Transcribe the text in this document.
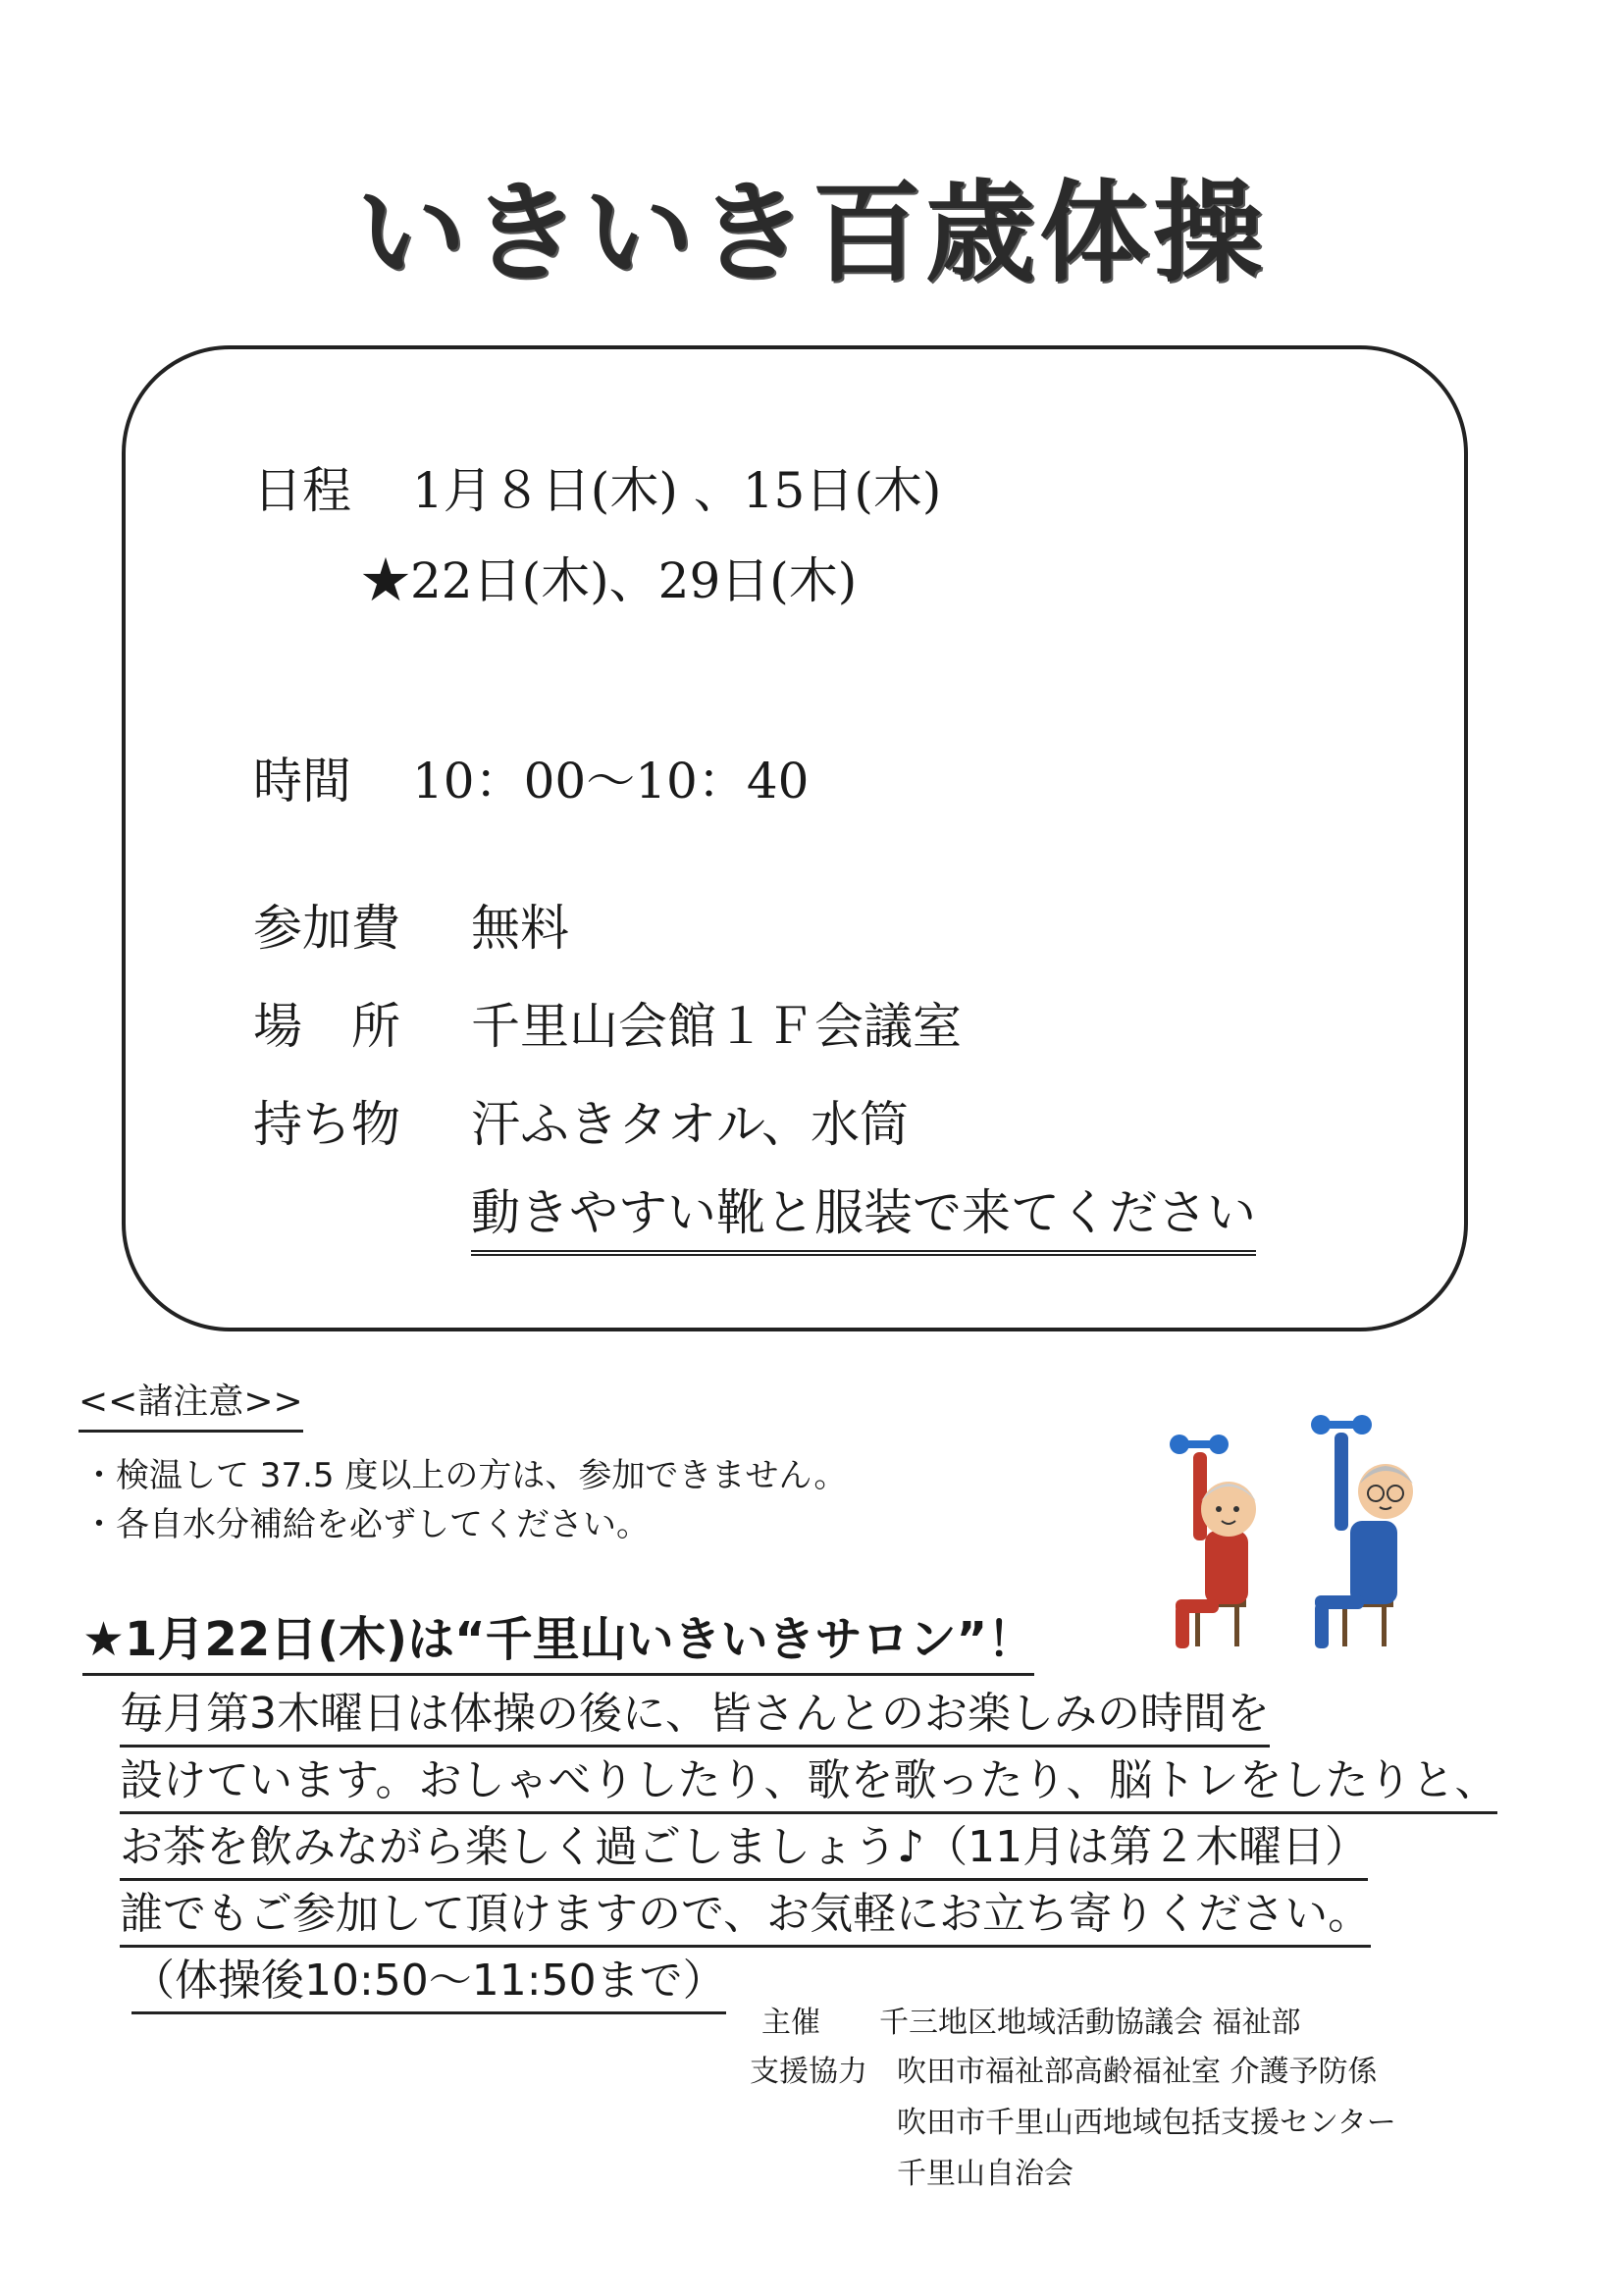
いきいき百歳体操
日程 1月８日(木) 、15日(木)
★22日(木)、29日(木)
時間 10：00～10：40
参加費 無料
場　所 千里山会館１Ｆ会議室
持ち物 汗ふきタオル、水筒
動きやすい靴と服装で来てください
<<諸注意>>
・検温して 37.5 度以上の方は、参加できません。
・各自水分補給を必ずしてください。
★1月22日(木)は“千里山いきいきサロン”！
毎月第3木曜日は体操の後に、皆さんとのお楽しみの時間を
設けています。おしゃべりしたり、歌を歌ったり、脳トレをしたりと、
お茶を飲みながら楽しく過ごしましょう♪（11月は第２木曜日）
誰でもご参加して頂けますので、お気軽にお立ち寄りください。
（体操後10:50～11:50まで）
主催 千三地区地域活動協議会 福祉部
支援協力 吹田市福祉部高齢福祉室 介護予防係
吹田市千里山西地域包括支援センター
千里山自治会
